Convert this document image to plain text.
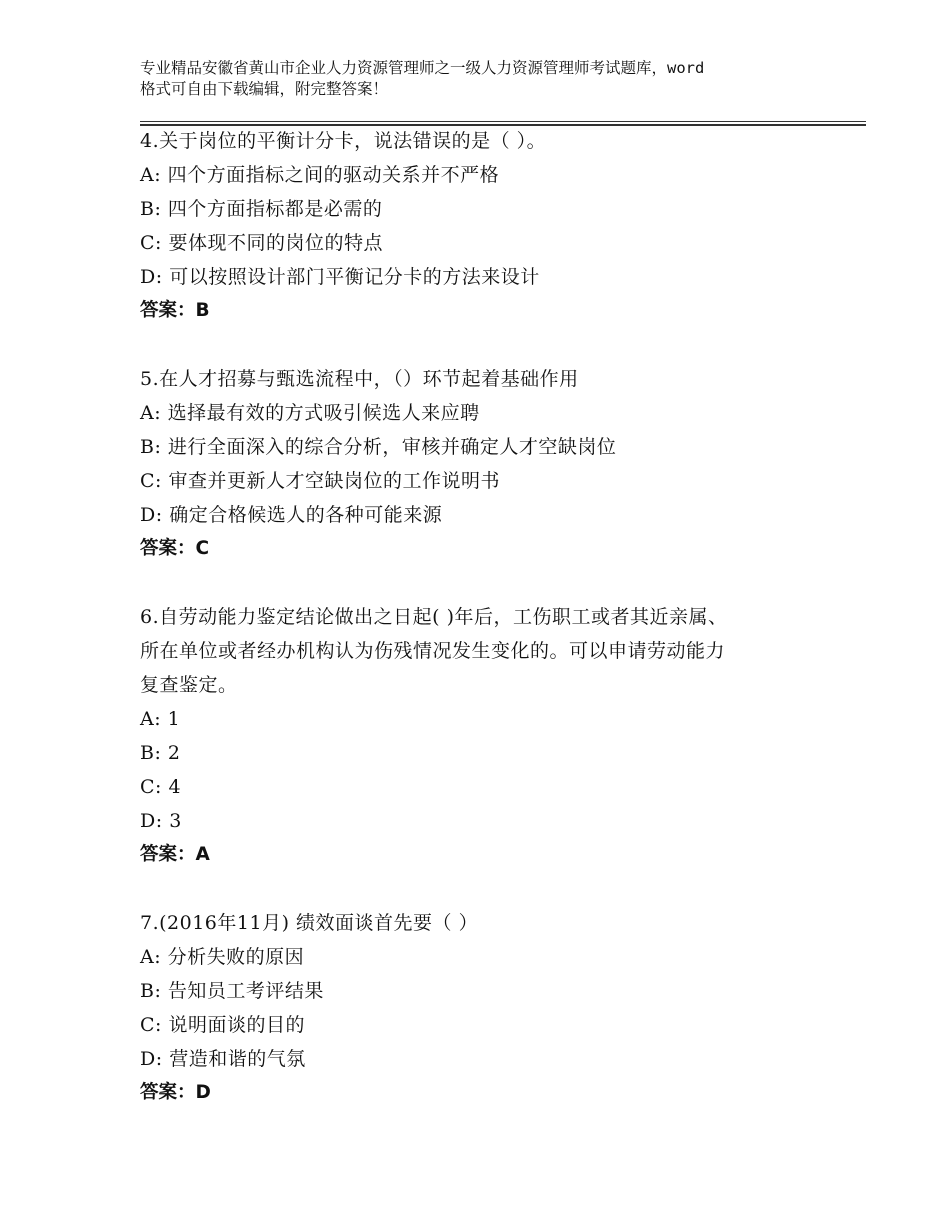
专业精品安徽省黄山市企业人力资源管理师之一级人力资源管理师考试题库，word
格式可自由下载编辑，附完整答案！

4.关于岗位的平衡计分卡，说法错误的是（ ）。

A: 四个方面指标之间的驱动关系并不严格

B: 四个方面指标都是必需的

C: 要体现不同的岗位的特点

D: 可以按照设计部门平衡记分卡的方法来设计

答案：B

5.在人才招募与甄选流程中，（）环节起着基础作用

A: 选择最有效的方式吸引候选人来应聘

B: 进行全面深入的综合分析，审核并确定人才空缺岗位

C: 审查并更新人才空缺岗位的工作说明书

D: 确定合格候选人的各种可能来源

答案：C

6.自劳动能力鉴定结论做出之日起( )年后，工伤职工或者其近亲属、

所在单位或者经办机构认为伤残情况发生变化的。可以申请劳动能力

复查鉴定。

A: 1

B: 2

C: 4

D: 3

答案：A

7.(2016年11月) 绩效面谈首先要（ ）

A: 分析失败的原因

B: 告知员工考评结果

C: 说明面谈的目的

D: 营造和谐的气氛

答案：D
